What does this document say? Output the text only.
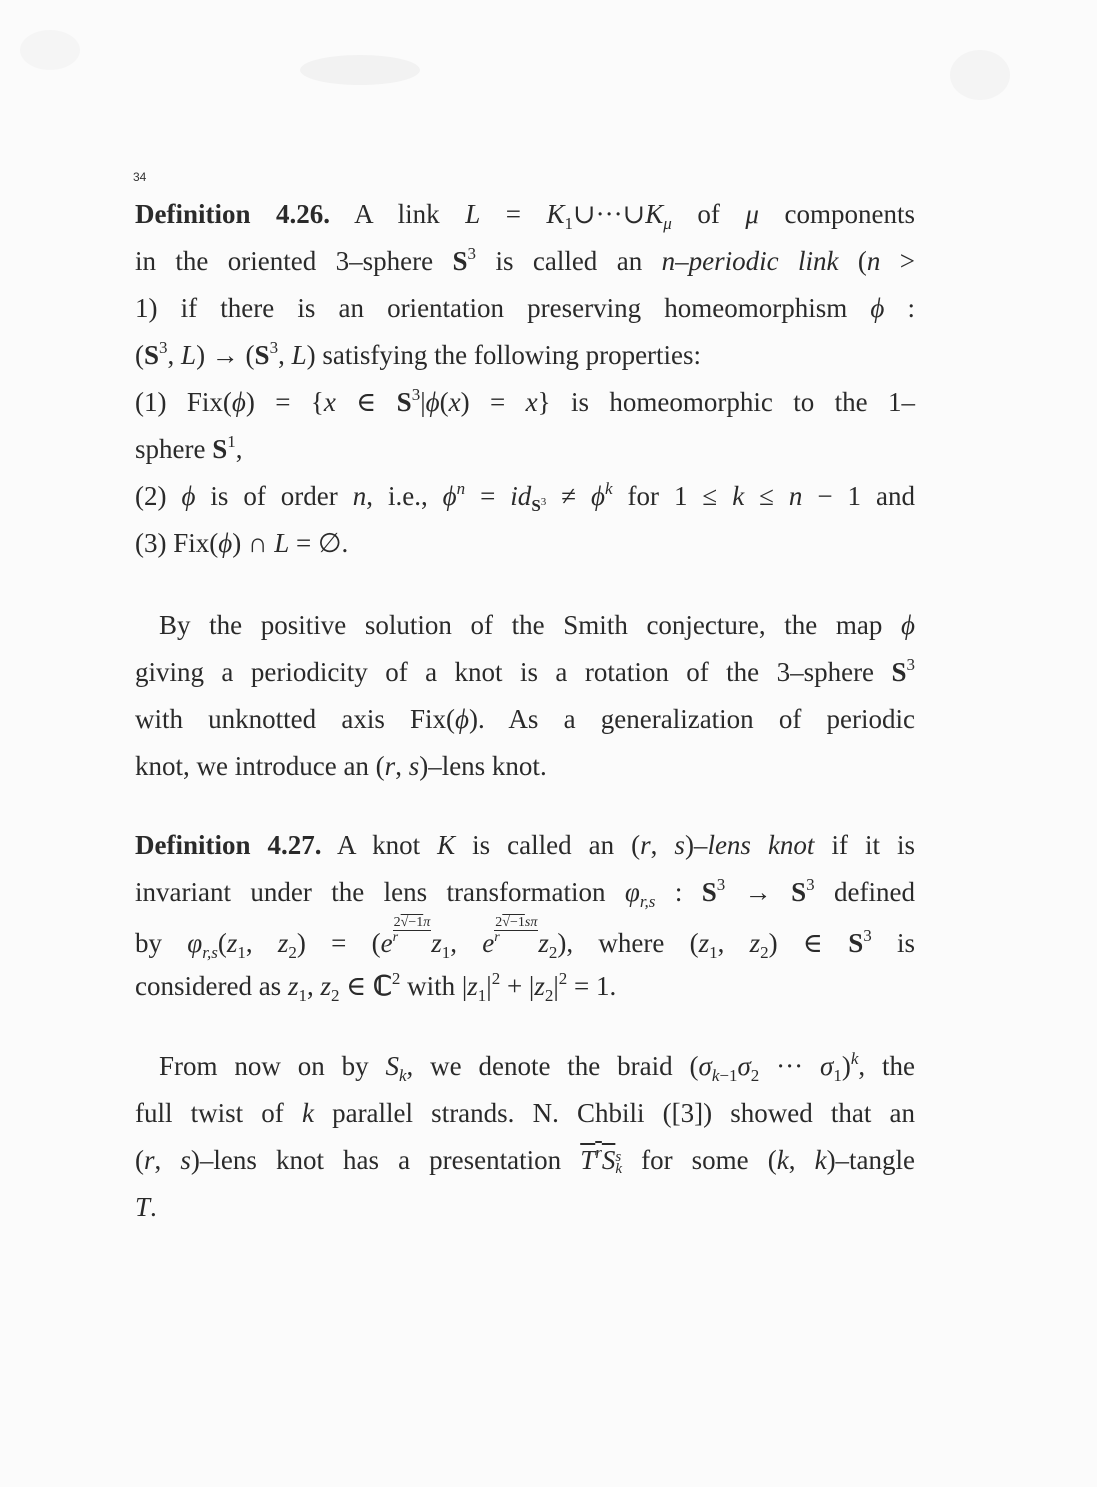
34
Definition 4.26. A link $L = K_1\cup\cdot\cdot\cdot\cup K_\mu$ of μ components
in the oriented 3–sphere $S^3$ is called an n–periodic link (n >
1) if there is an orientation preserving homeomorphism ϕ :
($S^3$, $L) \to (S^3$, L) satisfying the following properties:
(1) Fix(ϕ) = {x ∈ $S^3|\phi(x) = x$} is homeomorphic to the 1–
sphere $S^1$,
(2) ϕ is of order n, i.e., $\phi^n = id_{S^3} \ne \phi^k$ for 1 ≤ k ≤ n − 1 and
(3) Fix(ϕ) ∩ L = ∅.
By the positive solution of the Smith conjecture, the map ϕ
giving a periodicity of a knot is a rotation of the 3–sphere $S^3$
with unknotted axis Fix(ϕ). As a generalization of periodic
knot, we introduce an (r, s)–lens knot.
Definition 4.27. A knot K is called an (r, s)–lens knot if it is
invariant under the lens transformation $\varphi_{r,s}$ : $S^3 \to S^3$ defined
by $\varphi_{r,s}(z_1$, $z_2) = (e \frac{2√-1\pi}{r} z_1$, e $\frac{2√-1s\pi}{r} z_2$), where ($z_1$, $z_2$) ∈ $S^3$ is
considered as $z_1$, $z_2$ ∈ ℂ$^2$ with $|z_1|^2 + |z_2|^2 = 1$.
From now on by $S_k$, we denote the braid ($\sigma_{k-1}\sigma_2$ ··· $\sigma_1)^k$, the
full twist of k parallel strands. N. Chbili ([3]) showed that an
(r, s)–lens knot has a presentation $T^rS$ s
k for some (k, k)–tangle
T.
